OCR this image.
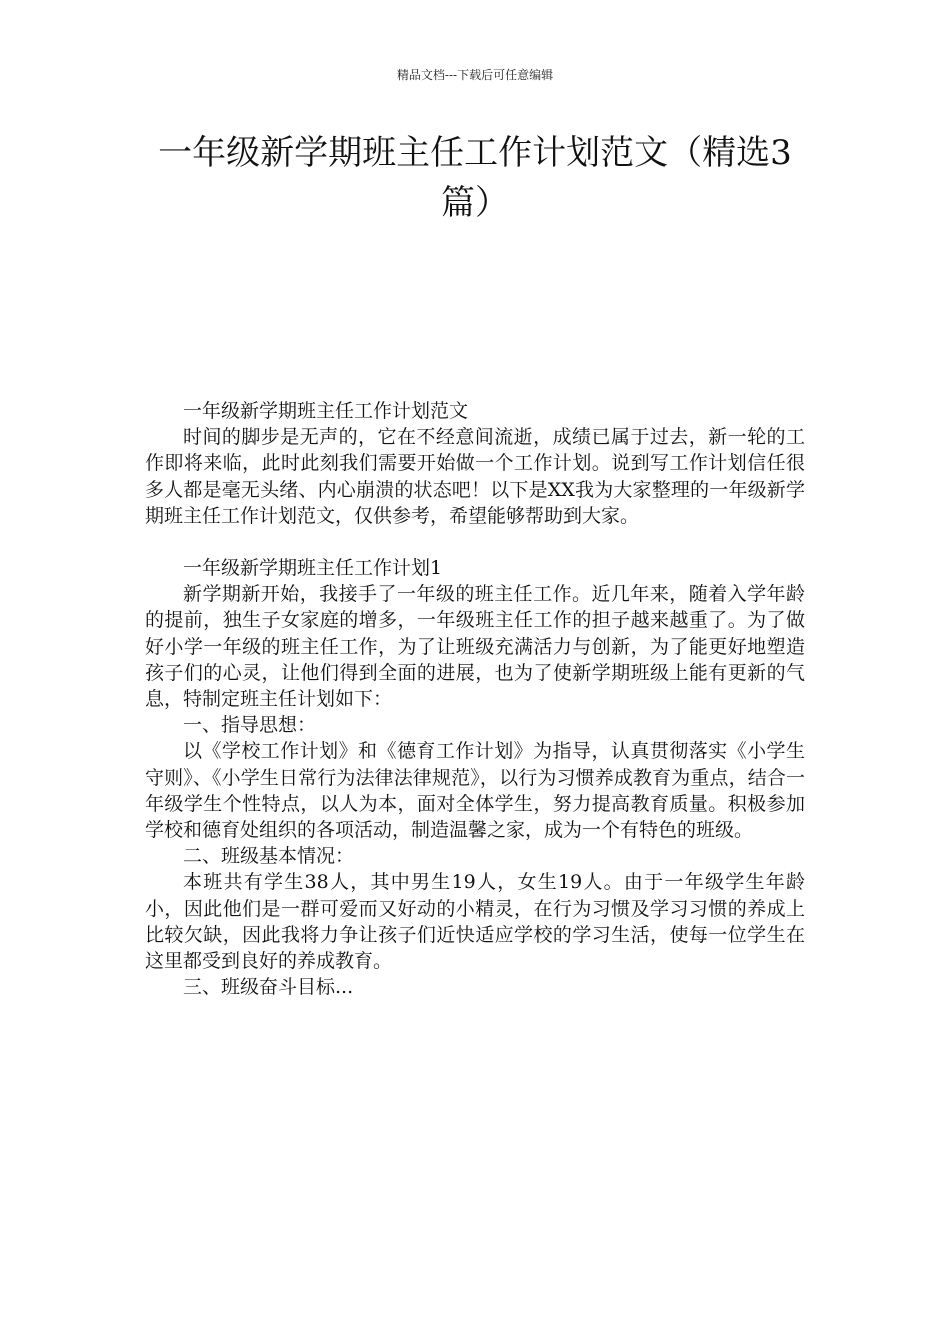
精品文档---下载后可任意编辑
一年级新学期班主任工作计划范文（精选3篇）

一年级新学期班主任工作计划范文

时间的脚步是无声的，它在不经意间流逝，成绩已属于过去，新一轮的工作即将来临，此时此刻我们需要开始做一个工作计划。说到写工作计划信任很多人都是毫无头绪、内心崩溃的状态吧！以下是XX我为大家整理的一年级新学期班主任工作计划范文，仅供参考，希望能够帮助到大家。

一年级新学期班主任工作计划1

新学期新开始，我接手了一年级的班主任工作。近几年来，随着入学年龄的提前，独生子女家庭的增多，一年级班主任工作的担子越来越重了。为了做好小学一年级的班主任工作，为了让班级充满活力与创新，为了能更好地塑造孩子们的心灵，让他们得到全面的进展，也为了使新学期班级上能有更新的气息，特制定班主任计划如下：

一、指导思想：

以《学校工作计划》和《德育工作计划》为指导，认真贯彻落实《小学生守则》、《小学生日常行为法律法律规范》，以行为习惯养成教育为重点，结合一年级学生个性特点，以人为本，面对全体学生，努力提高教育质量。积极参加学校和德育处组织的各项活动，制造温馨之家，成为一个有特色的班级。

二、班级基本情况：

本班共有学生38人，其中男生19人，女生19人。由于一年级学生年龄小，因此他们是一群可爱而又好动的小精灵，在行为习惯及学习习惯的养成上比较欠缺，因此我将力争让孩子们近快适应学校的学习生活，使每一位学生在这里都受到良好的养成教育。

三、班级奋斗目标...
